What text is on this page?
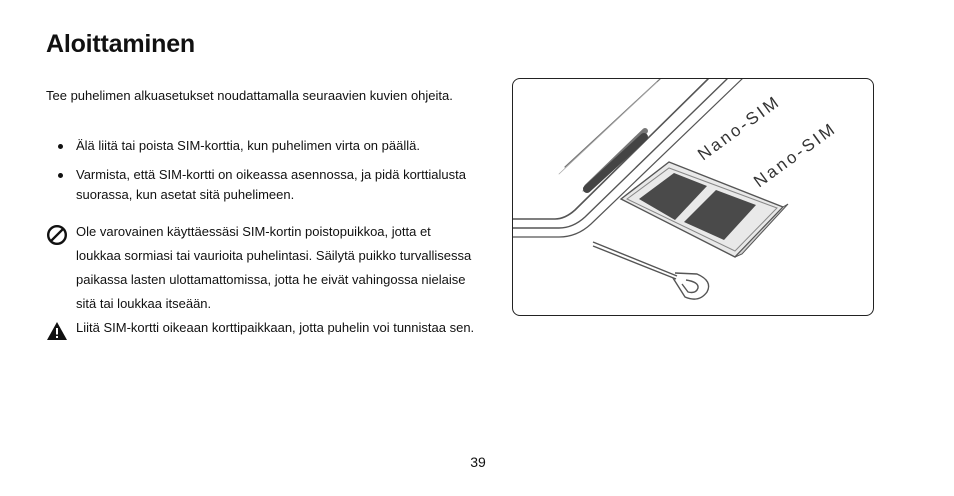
Aloittaminen
Tee puhelimen alkuasetukset noudattamalla seuraavien kuvien ohjeita.
Älä liitä tai poista SIM-korttia, kun puhelimen virta on päällä.
Varmista, että SIM-kortti on oikeassa asennossa, ja pidä korttialusta suorassa, kun asetat sitä puhelimeen.
Ole varovainen käyttäessäsi SIM-kortin poistopuikkoa, jotta et loukkaa sormiasi tai vaurioita puhelintasi. Säilytä puikko turvallisessa paikassa lasten ulottamattomissa, jotta he eivät vahingossa nielaise sitä tai loukkaa itseään.
Liitä SIM-kortti oikeaan korttipaikkaan, jotta puhelin voi tunnistaa sen.
Nano-SIM
Nano-SIM
39
